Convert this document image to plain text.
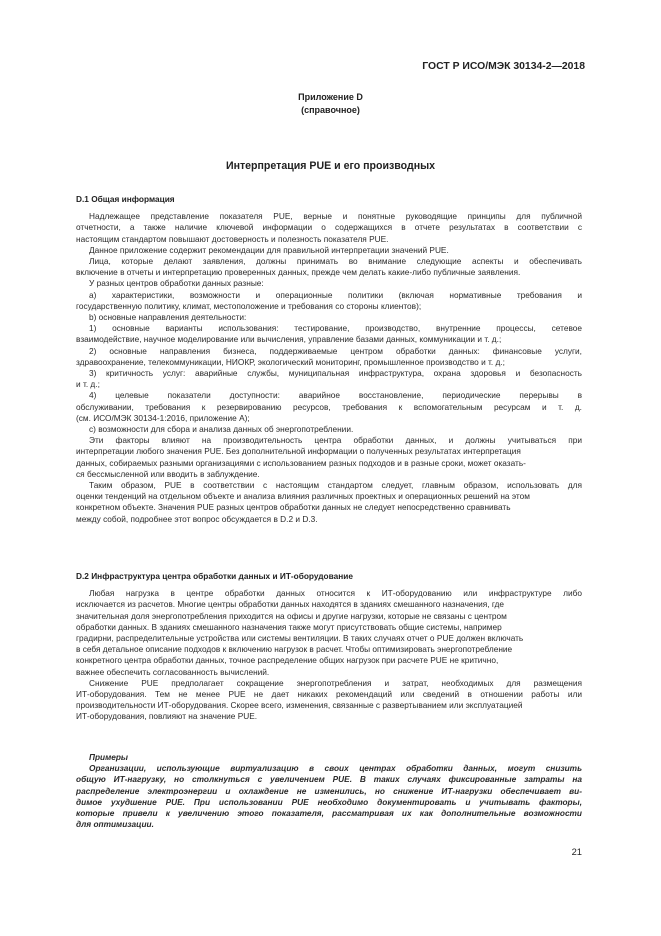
ГОСТ Р ИСО/МЭК 30134-2—2018
Приложение D
(справочное)
Интерпретация PUE и его производных
D.1 Общая информация
Надлежащее представление показателя PUE, верные и понятные руководящие принципы для публичной
отчетности, а также наличие ключевой информации о содержащихся в отчете результатах в соответствии с
настоящим стандартом повышают достоверность и полезность показателя PUE.
Данное приложение содержит рекомендации для правильной интерпретации значений PUE.
Лица, которые делают заявления, должны принимать во внимание следующие аспекты и обеспечивать
включение в отчеты и интерпретацию проверенных данных, прежде чем делать какие-либо публичные заявления.
У разных центров обработки данных разные:
а) характеристики, возможности и операционные политики (включая нормативные требования и
государственную политику, климат, местоположение и требования со стороны клиентов);
b) основные направления деятельности:
1) основные варианты использования: тестирование, производство, внутренние процессы, сетевое
взаимодействие, научное моделирование или вычисления, управление базами данных, коммуникации и т. д.;
2) основные направления бизнеса, поддерживаемые центром обработки данных: финансовые услуги,
здравоохранение, телекоммуникации, НИОКР, экологический мониторинг, промышленное производство и т. д.;
3) критичность услуг: аварийные службы, муниципальная инфраструктура, охрана здоровья и безопасность
и т. д.;
4) целевые показатели доступности: аварийное восстановление, периодические перерывы в
обслуживании, требования к резервированию ресурсов, требования к вспомогательным ресурсам и т. д.
(см. ИСО/МЭК 30134-1:2016, приложение А);
c) возможности для сбора и анализа данных об энергопотреблении.
Эти факторы влияют на производительность центра обработки данных, и должны учитываться при
интерпретации любого значения PUE. Без дополнительной информации о полученных результатах интерпретация
данных, собираемых разными организациями с использованием разных подходов и в разные сроки, может оказать-
ся бессмысленной или вводить в заблуждение.
Таким образом, PUE в соответствии с настоящим стандартом следует, главным образом, использовать для
оценки тенденций на отдельном объекте и анализа влияния различных проектных и операционных решений на этом
конкретном объекте. Значения PUE разных центров обработки данных не следует непосредственно сравнивать
между собой, подробнее этот вопрос обсуждается в D.2 и D.3.
D.2 Инфраструктура центра обработки данных и ИТ-оборудование
Любая нагрузка в центре обработки данных относится к ИТ-оборудованию или инфраструктуре либо
исключается из расчетов. Многие центры обработки данных находятся в зданиях смешанного назначения, где
значительная доля энергопотребления приходится на офисы и другие нагрузки, которые не связаны с центром
обработки данных. В зданиях смешанного назначения также могут присутствовать общие системы, например
градирни, распределительные устройства или системы вентиляции. В таких случаях отчет о PUE должен включать
в себя детальное описание подходов к включению нагрузок в расчет. Чтобы оптимизировать энергопотребление
конкретного центра обработки данных, точное распределение общих нагрузок при расчете PUE не критично,
важнее обеспечить согласованность вычислений.
Снижение PUE предполагает сокращение энергопотребления и затрат, необходимых для размещения
ИТ-оборудования. Тем не менее PUE не дает никаких рекомендаций или сведений в отношении работы или
производительности ИТ-оборудования. Скорее всего, изменения, связанные с развертыванием или эксплуатацией
ИТ-оборудования, повлияют на значение PUE.
Примеры
Организации, использующие виртуализацию в своих центрах обработки данных, могут снизить
общую ИТ-нагрузку, но столкнуться с увеличением PUE. В таких случаях фиксированные затраты на
распределение электроэнергии и охлаждение не изменились, но снижение ИТ-нагрузки обеспечивает ви-
димое ухудшение PUE. При использовании PUE необходимо документировать и учитывать факторы,
которые привели к увеличению этого показателя, рассматривая их как дополнительные возможности
для оптимизации.
21
